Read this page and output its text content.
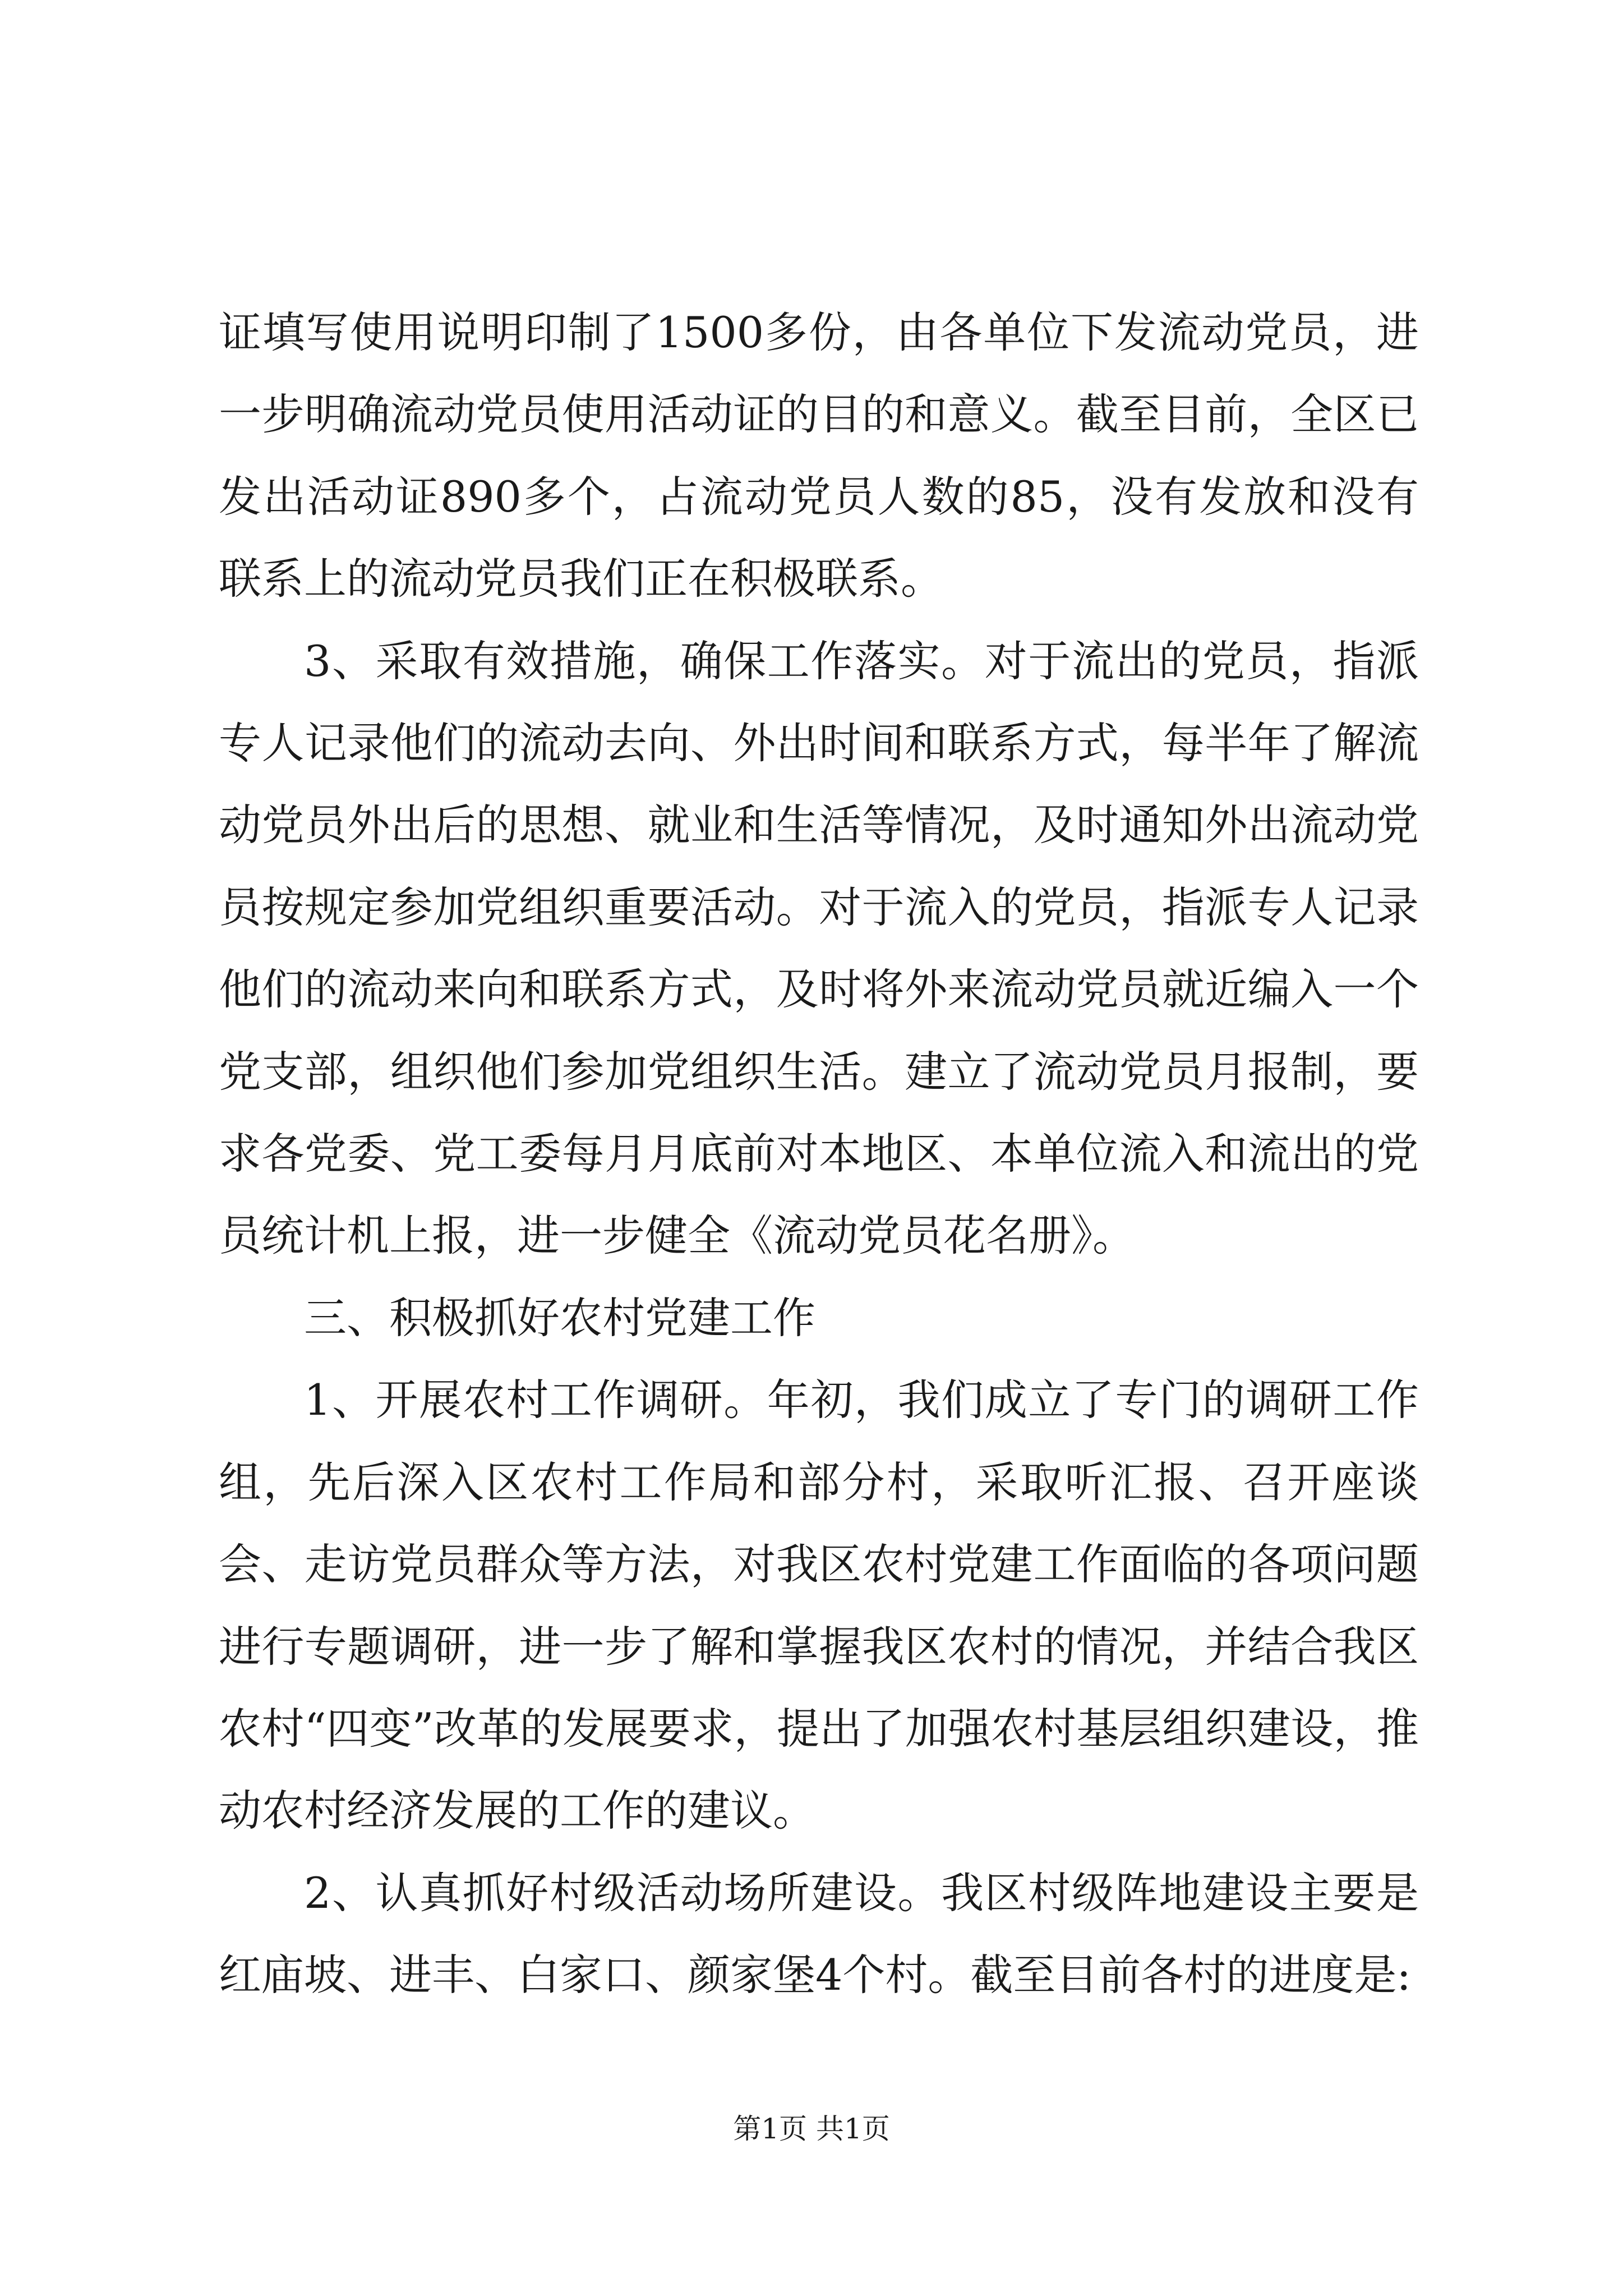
证填写使用说明印制了1500多份，由各单位下发流动党员，进一步明确流动党员使用活动证的目的和意义。截至目前，全区已发出活动证890多个，占流动党员人数的85，没有发放和没有联系上的流动党员我们正在积极联系。

3、采取有效措施，确保工作落实。对于流出的党员，指派专人记录他们的流动去向、外出时间和联系方式，每半年了解流动党员外出后的思想、就业和生活等情况，及时通知外出流动党员按规定参加党组织重要活动。对于流入的党员，指派专人记录他们的流动来向和联系方式，及时将外来流动党员就近编入一个党支部，组织他们参加党组织生活。建立了流动党员月报制，要求各党委、党工委每月月底前对本地区、本单位流入和流出的党员统计机上报，进一步健全《流动党员花名册》。

三、积极抓好农村党建工作

1、开展农村工作调研。年初，我们成立了专门的调研工作组，先后深入区农村工作局和部分村，采取听汇报、召开座谈会、走访党员群众等方法，对我区农村党建工作面临的各项问题进行专题调研，进一步了解和掌握我区农村的情况，并结合我区农村“四变”改革的发展要求，提出了加强农村基层组织建设，推动农村经济发展的工作的建议。

2、认真抓好村级活动场所建设。我区村级阵地建设主要是红庙坡、进丰、白家口、颜家堡4个村。截至目前各村的进度是:

第1页 共1页
